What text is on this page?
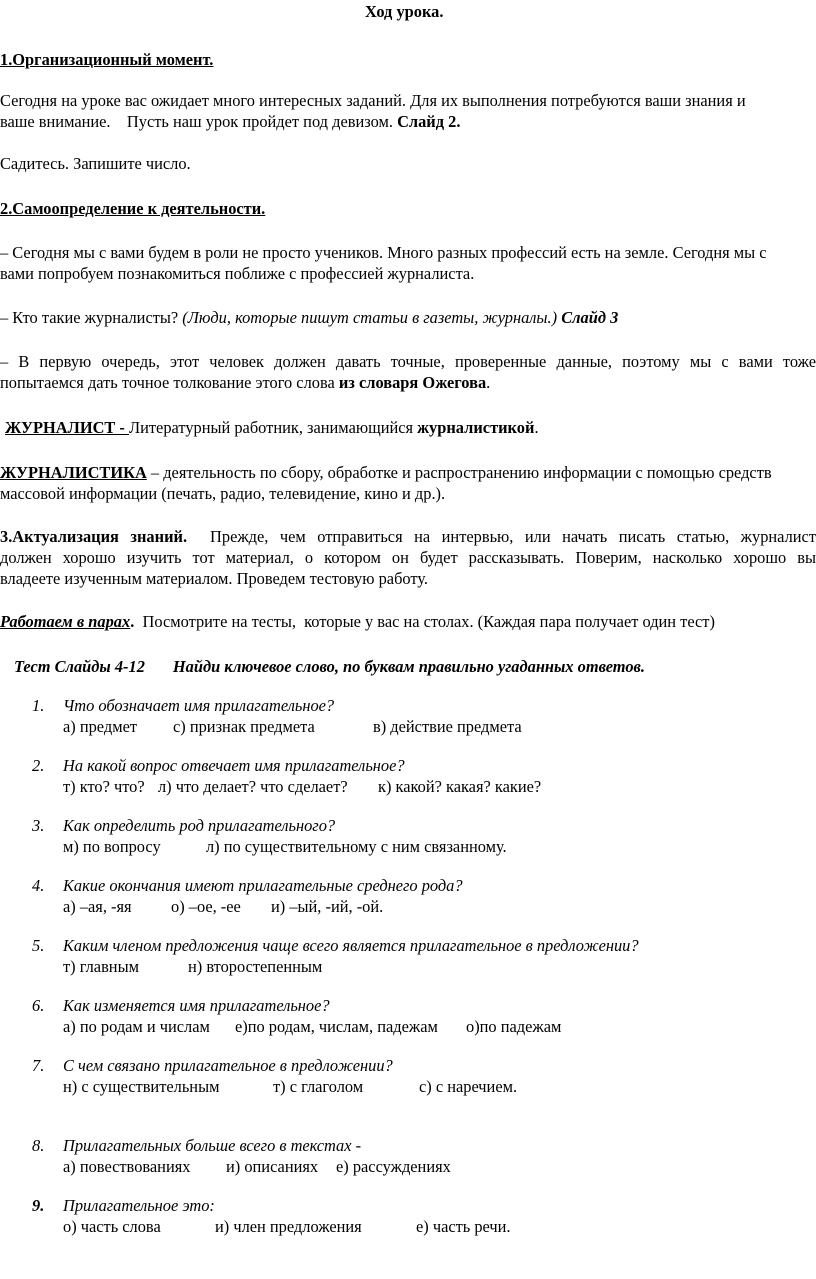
Ход урока.
1.Организационный момент.
Сегодня на уроке вас ожидает много интересных заданий. Для их выполнения потребуются ваши знания и
ваше внимание.    Пусть наш урок пройдет под девизом. Слайд 2.
Садитесь. Запишите число.
2.Самоопределение к деятельности.
– Сегодня мы с вами будем в роли не просто учеников. Много разных профессий есть на земле. Сегодня мы с
вами попробуем познакомиться поближе с профессией журналиста.
– Кто такие журналисты? (Люди, которые пишут статьи в газеты, журналы.) Слайд 3
– В первую очередь, этот человек должен давать точные, проверенные данные, поэтому мы с вами тоже
попытаемся дать точное толкование этого слова из словаря Ожегова.
ЖУРНАЛИСТ - Литературный работник, занимающийся журналистикой.
ЖУРНАЛИСТИКА – деятельность по сбору, обработке и распространению информации с помощью средств
массовой информации (печать, радио, телевидение, кино и др.).
3.Актуализация знаний.  Прежде, чем отправиться на интервью, или начать писать статью, журналист
должен хорошо изучить тот материал, о котором он будет рассказывать. Поверим, насколько хорошо вы
владеете изученным материалом. Проведем тестовую работу.
Работаем в парах.  Посмотрите на тесты,  которые у вас на столах. (Каждая пара получает один тест)
Тест Слайды 4-12 Найди ключевое слово, по буквам правильно угаданных ответов.
1. Что обозначает имя прилагательное?
а) предмет с) признак предмета	в) действие предмета
2. На какой вопрос отвечает имя прилагательное?
т) кто? что? л) что делает? что сделает? к) какой? какая? какие?
3. Как определить род прилагательного?
м) по вопросу	л) по существительному с ним связанному.
4. Какие окончания имеют прилагательные среднего рода?
а) –ая, -яя о) –ое, -ее и) –ый, -ий, -ой.
5. Каким членом предложения чаще всего является прилагательное в предложении?
т) главным	н) второстепенным
6. Как изменяется имя прилагательное?
а) по родам и числам е)по родам, числам, падежам о)по падежам
7. С чем связано прилагательное в предложении?
н) с существительным	т) с глаголом	с) с наречием.
8. Прилагательных больше всего в текстах -
а) повествованиях и) описаниях е) рассуждениях
9. Прилагательное это:
о) часть слова	и) член предложения	е) часть речи.
